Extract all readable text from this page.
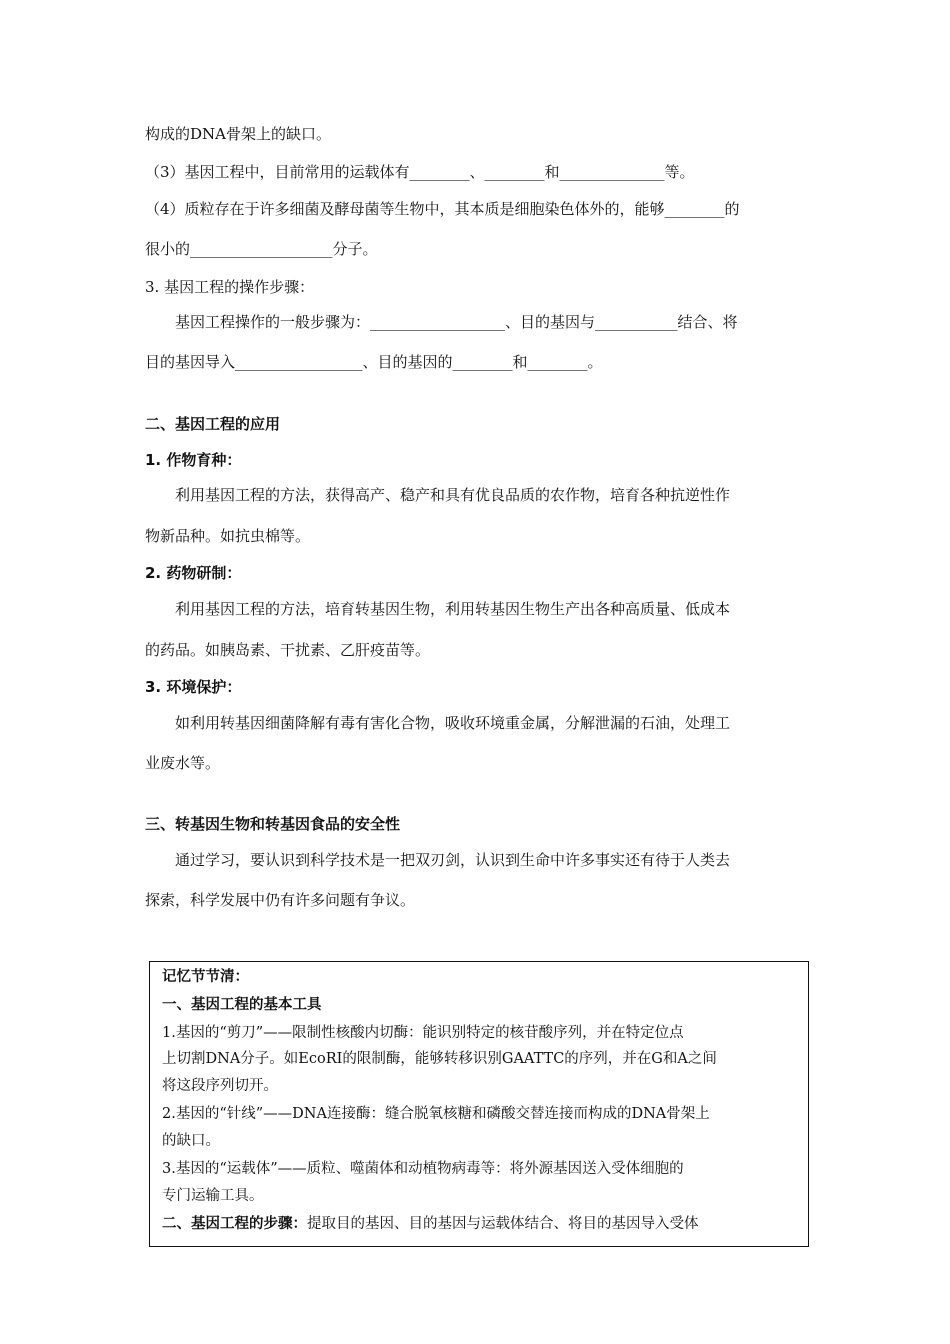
构成的DNA骨架上的缺口。
（3）基因工程中，目前常用的运载体有________、________和______________等。
（4）质粒存在于许多细菌及酵母菌等生物中，其本质是细胞染色体外的，能够________的
很小的___________________分子。
3. 基因工程的操作步骤：
基因工程操作的一般步骤为：__________________、目的基因与___________结合、将
目的基因导入_________________、目的基因的________和________。
二、基因工程的应用
1. 作物育种：
利用基因工程的方法，获得高产、稳产和具有优良品质的农作物，培育各种抗逆性作
物新品种。如抗虫棉等。
2. 药物研制：
利用基因工程的方法，培育转基因生物，利用转基因生物生产出各种高质量、低成本
的药品。如胰岛素、干扰素、乙肝疫苗等。
3. 环境保护：
如利用转基因细菌降解有毒有害化合物，吸收环境重金属，分解泄漏的石油，处理工
业废水等。
三、转基因生物和转基因食品的安全性
通过学习，要认识到科学技术是一把双刃剑，认识到生命中许多事实还有待于人类去
探索，科学发展中仍有许多问题有争议。
记忆节节清：
一、基因工程的基本工具
1.基因的“剪刀”——限制性核酸内切酶：能识别特定的核苷酸序列，并在特定位点
上切割DNA分子。如EcoRI的限制酶，能够转移识别GAATTC的序列，并在G和A之间
将这段序列切开。
2.基因的“针线”——DNA连接酶：缝合脱氧核糖和磷酸交替连接而构成的DNA骨架上
的缺口。
3.基因的“运载体”——质粒、噬菌体和动植物病毒等：将外源基因送入受体细胞的
专门运输工具。
二、基因工程的步骤：提取目的基因、目的基因与运载体结合、将目的基因导入受体
